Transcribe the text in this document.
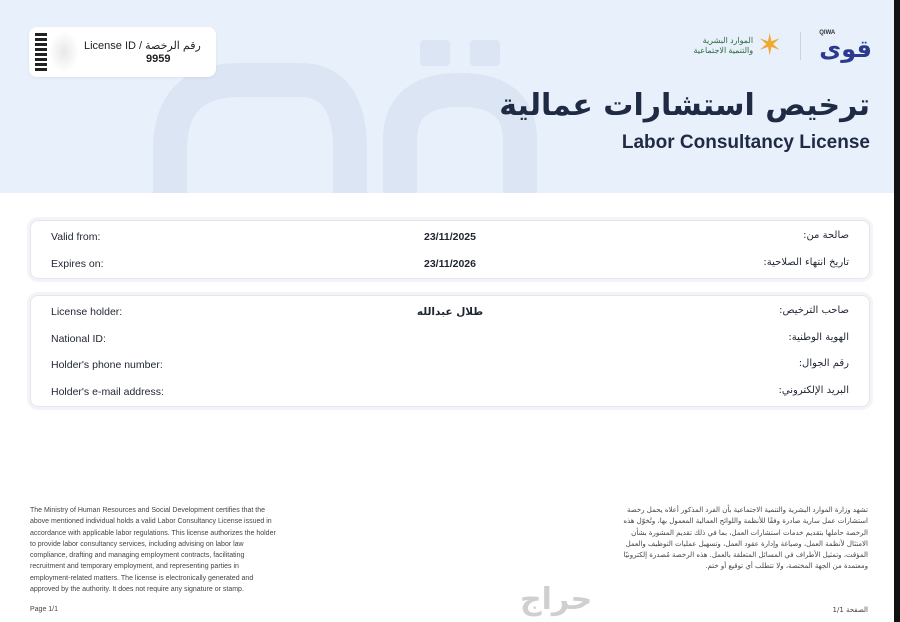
License ID / رقم الرخصة
9959
الموارد البشرية والتنمية الاجتماعية ✶	QIWA
قوى
ترخيص استشارات عمالية
Labor Consultancy License
Valid from:	23/11/2025	صالحة من:
Expires on:	23/11/2026	تاريخ انتهاء الصلاحية:
License holder:	طلال عبدالله	صاحب الترخيص:
National ID:	الهوية الوطنية:
Holder's phone number:	رقم الجوال:
Holder's e-mail address:	البريد الإلكتروني:
The Ministry of Human Resources and Social Development certifies that the above mentioned individual holds a valid Labor Consultancy License issued in accordance with applicable labor regulations. This license authorizes the holder to provide labor consultancy services, including advising on labor law compliance, drafting and managing employment contracts, facilitating recruitment and temporary employment, and representing parties in employment-related matters. The license is electronically generated and approved by the authority. It does not require any signature or stamp.
تشهد وزارة الموارد البشرية والتنمية الاجتماعية بأن الفرد المذكور أعلاه يحمل رخصة استشارات عمل سارية صادرة وفقًا للأنظمة واللوائح العمالية المعمول بها، وتُخوّل هذه الرخصة حاملها بتقديم خدمات استشارات العمل، بما في ذلك تقديم المشورة بشأن الامتثال لأنظمة العمل، وصياغة وإدارة عقود العمل، وتسهيل عمليات التوظيف والعمل المؤقت، وتمثيل الأطراف في المسائل المتعلقة بالعمل. هذه الرخصة مُصدرة إلكترونيًا ومعتمدة من الجهة المختصة، ولا تتطلب أي توقيع أو ختم.
حراج
Page 1/1	الصفحة 1/1
